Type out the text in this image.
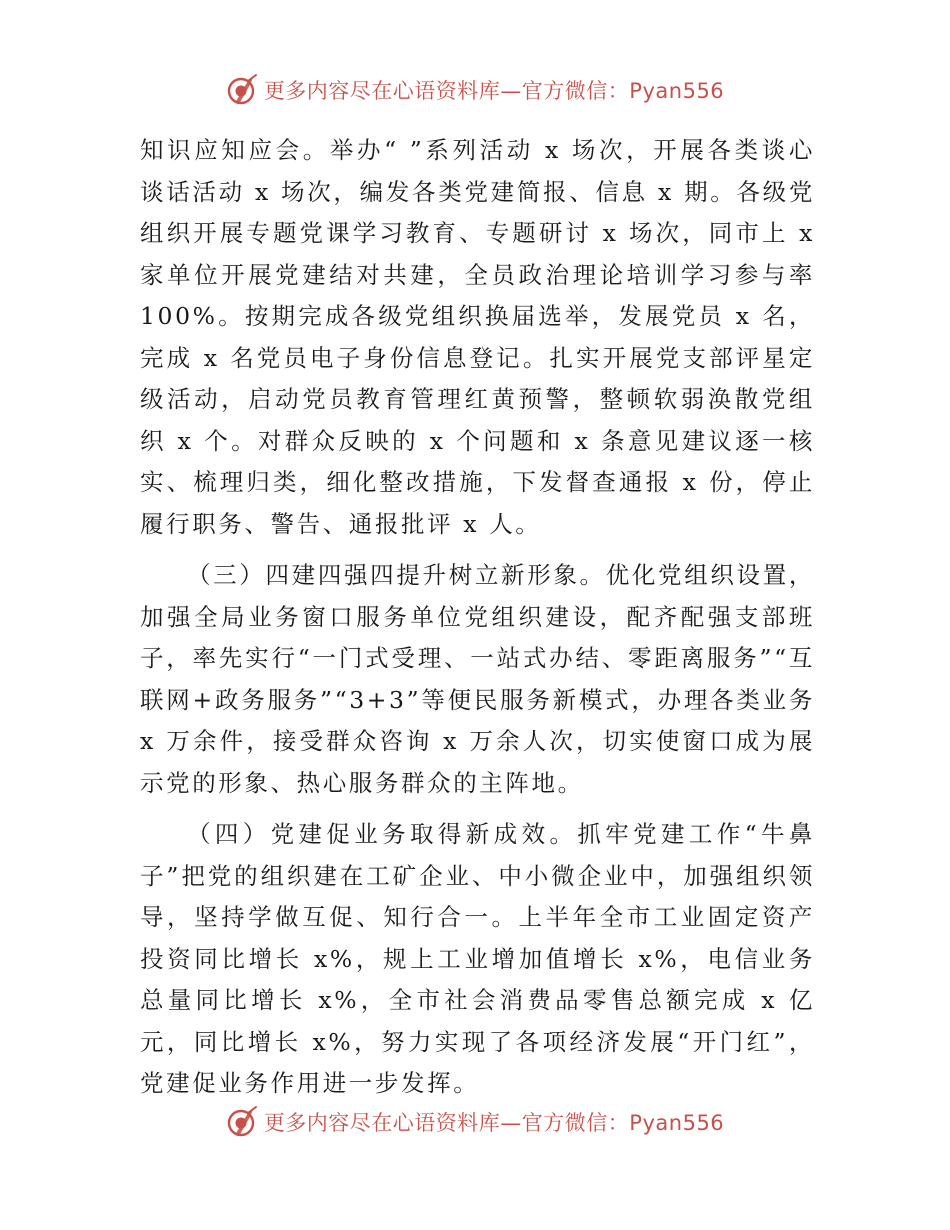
更多内容尽在心语资料库—官方微信：Pyan556

知识应知应会。举办“ ”系列活动 x 场次，开展各类谈心谈话活动 x 场次，编发各类党建简报、信息 x 期。各级党组织开展专题党课学习教育、专题研讨 x 场次，同市上 x 家单位开展党建结对共建，全员政治理论培训学习参与率 100%。按期完成各级党组织换届选举，发展党员 x 名，完成 x 名党员电子身份信息登记。扎实开展党支部评星定级活动，启动党员教育管理红黄预警，整顿软弱涣散党组织 x 个。对群众反映的 x 个问题和 x 条意见建议逐一核实、梳理归类，细化整改措施，下发督查通报 x 份，停止履行职务、警告、通报批评 x 人。

（三）四建四强四提升树立新形象。优化党组织设置，加强全局业务窗口服务单位党组织建设，配齐配强支部班子，率先实行“一门式受理、一站式办结、零距离服务”“互联网+政务服务”“3+3”等便民服务新模式，办理各类业务 x 万余件，接受群众咨询 x 万余人次，切实使窗口成为展示党的形象、热心服务群众的主阵地。

（四）党建促业务取得新成效。抓牢党建工作“牛鼻子”把党的组织建在工矿企业、中小微企业中，加强组织领导，坚持学做互促、知行合一。上半年全市工业固定资产投资同比增长 x%，规上工业增加值增长 x%，电信业务总量同比增长 x%，全市社会消费品零售总额完成 x 亿元，同比增长 x%，努力实现了各项经济发展“开门红”，党建促业务作用进一步发挥。

更多内容尽在心语资料库—官方微信：Pyan556
